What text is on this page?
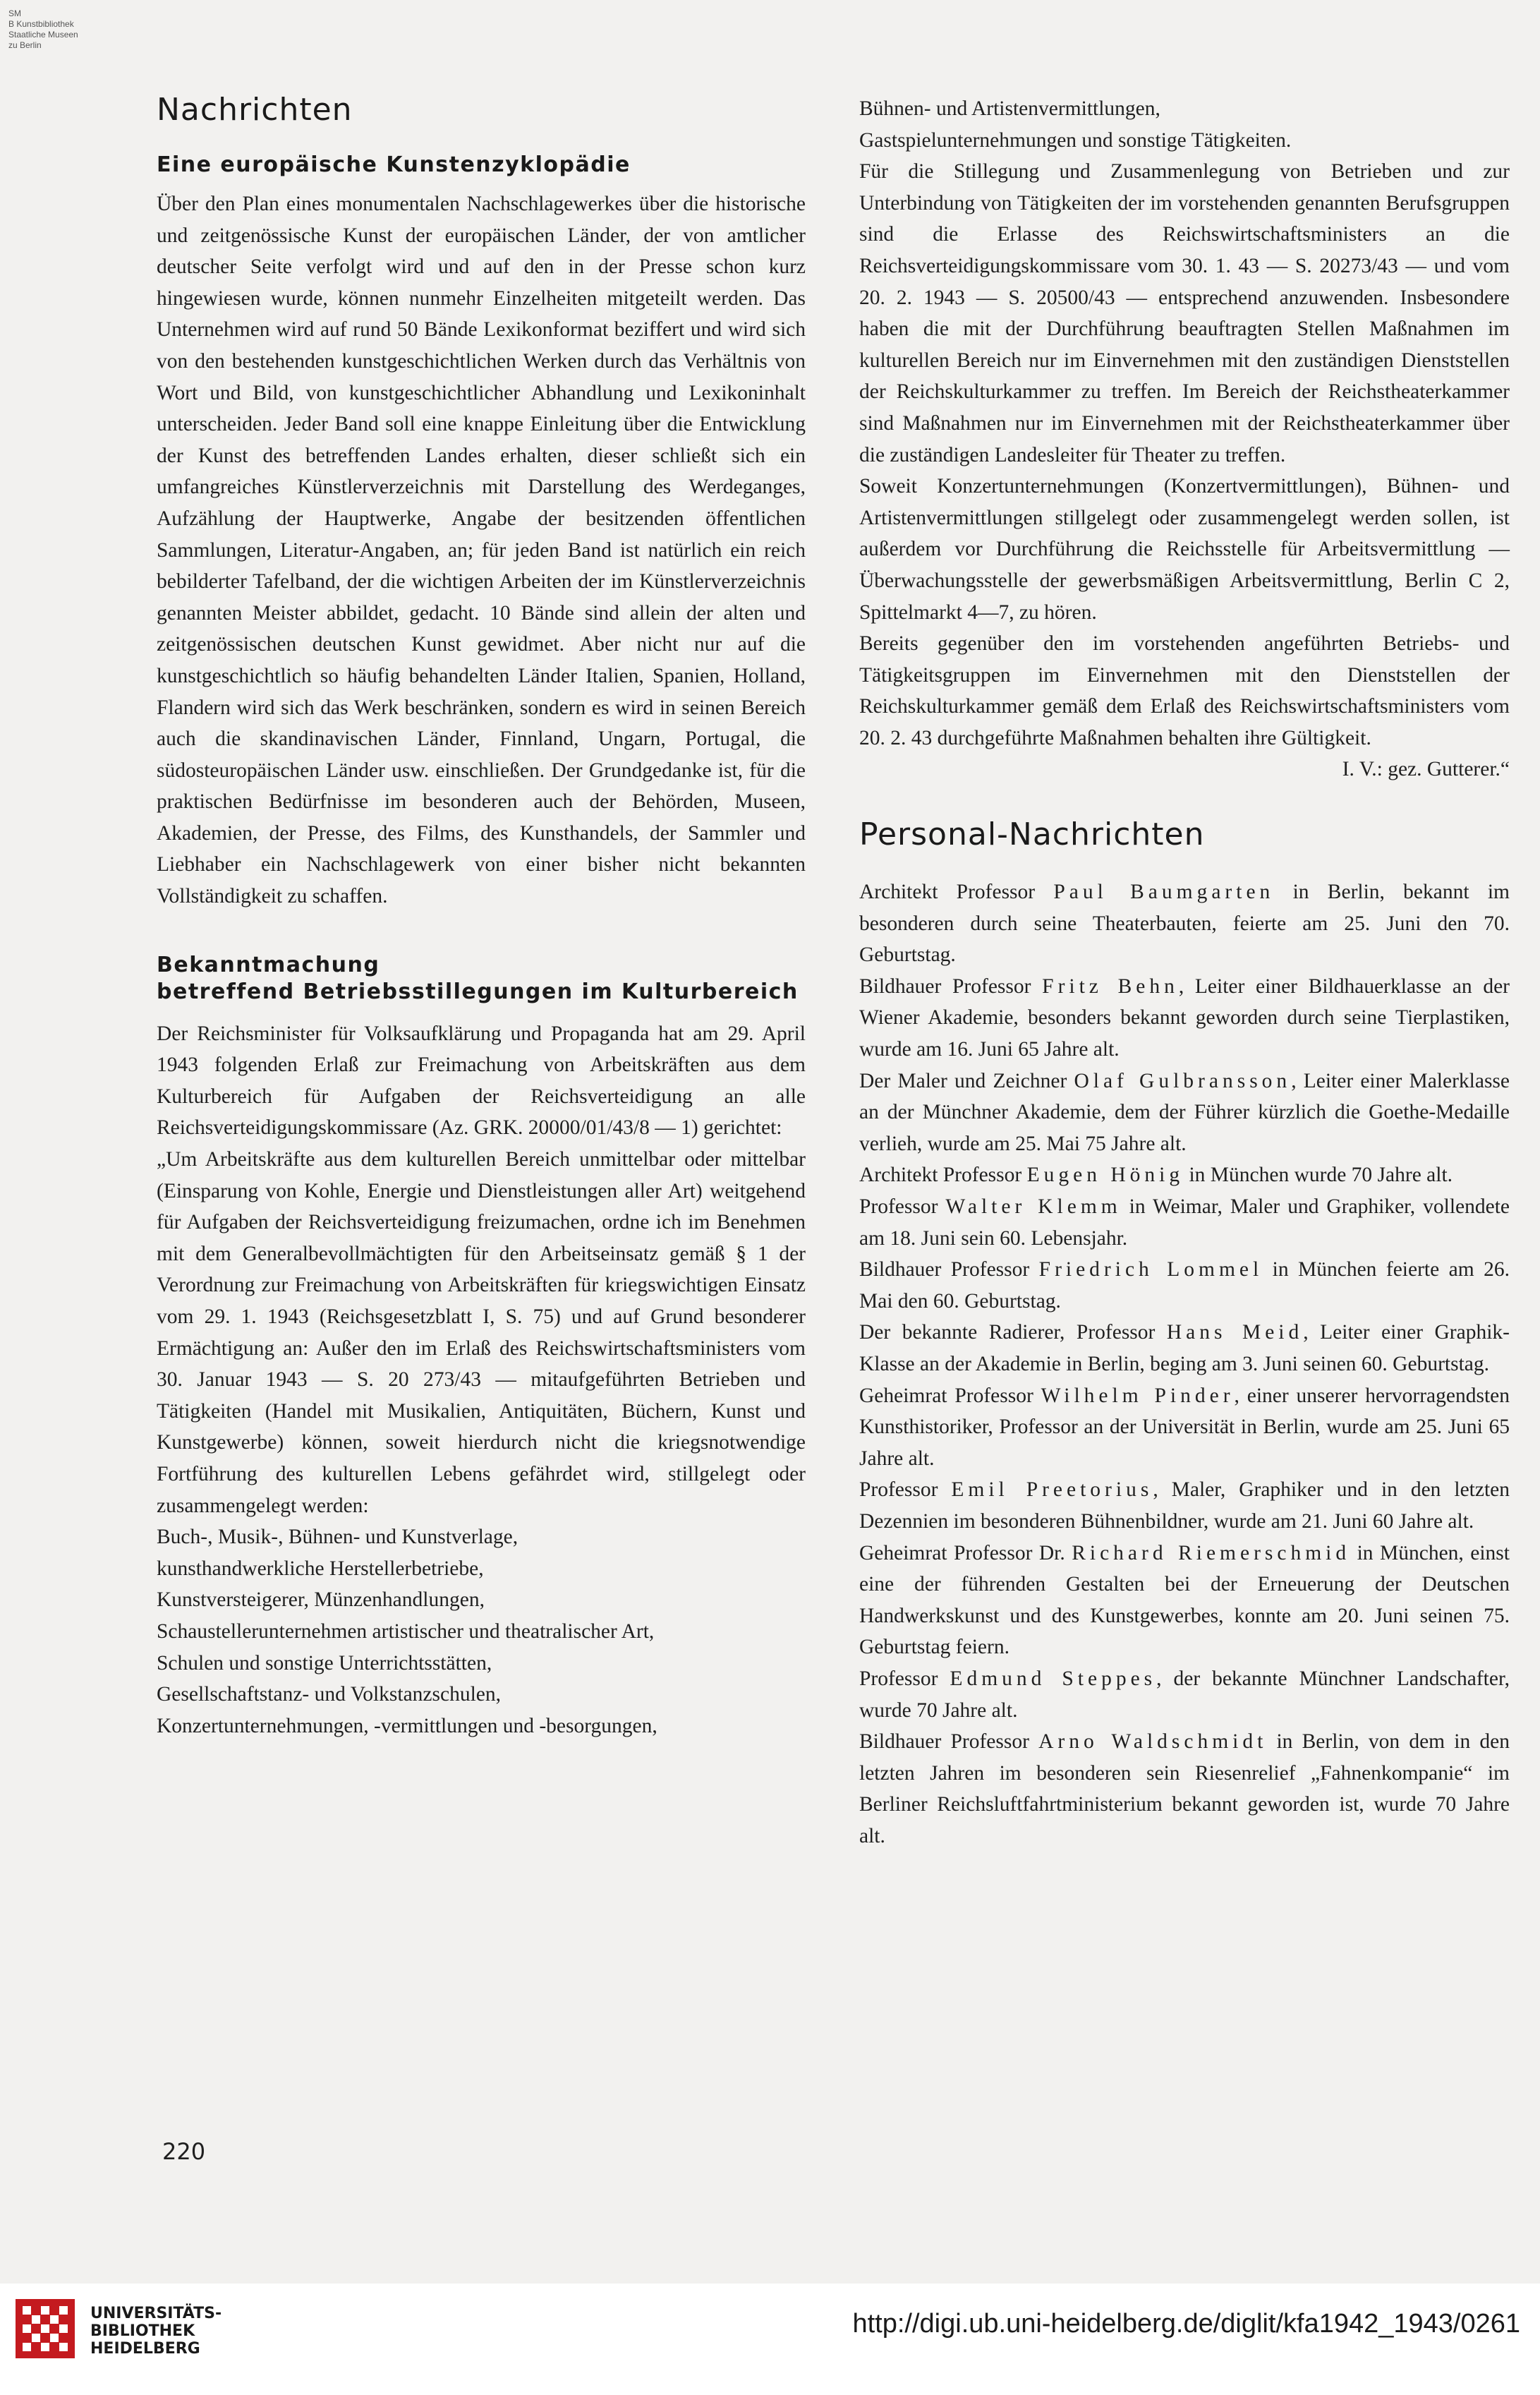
SM
B Kunstbibliothek
Staatliche Museen
zu Berlin
Nachrichten
Eine europäische Kunstenzyklopädie

Über den Plan eines monumentalen Nachschlagewerkes über die historische und zeitgenössische Kunst der europäischen Länder, der von amtlicher deutscher Seite verfolgt wird und auf den in der Presse schon kurz hingewiesen wurde, können nunmehr Einzelheiten mitgeteilt werden. Das Unternehmen wird auf rund 50 Bände Lexikonformat beziffert und wird sich von den bestehenden kunstgeschichtlichen Werken durch das Verhältnis von Wort und Bild, von kunstgeschichtlicher Abhandlung und Lexikoninhalt unterscheiden. Jeder Band soll eine knappe Einleitung über die Entwicklung der Kunst des betreffenden Landes erhalten, dieser schließt sich ein umfangreiches Künstlerverzeichnis mit Darstellung des Werdeganges, Aufzählung der Hauptwerke, Angabe der besitzenden öffentlichen Sammlungen, Literatur-Angaben, an; für jeden Band ist natürlich ein reich bebilderter Tafelband, der die wichtigen Arbeiten der im Künstlerverzeichnis genannten Meister abbildet, gedacht. 10 Bände sind allein der alten und zeitgenössischen deutschen Kunst gewidmet. Aber nicht nur auf die kunstgeschichtlich so häufig behandelten Länder Italien, Spanien, Holland, Flandern wird sich das Werk beschränken, sondern es wird in seinen Bereich auch die skandinavischen Länder, Finnland, Ungarn, Portugal, die südosteuropäischen Länder usw. einschließen. Der Grundgedanke ist, für die praktischen Bedürfnisse im besonderen auch der Behörden, Museen, Akademien, der Presse, des Films, des Kunsthandels, der Sammler und Liebhaber ein Nachschlagewerk von einer bisher nicht bekannten Vollständigkeit zu schaffen.

Bekanntmachung
betreffend Betriebsstillegungen im Kulturbereich

Der Reichsminister für Volksaufklärung und Propaganda hat am 29. April 1943 folgenden Erlaß zur Freimachung von Arbeitskräften aus dem Kulturbereich für Aufgaben der Reichsverteidigung an alle Reichsverteidigungskommissare (Az. GRK. 20000/01/43/8 — 1) gerichtet:

„Um Arbeitskräfte aus dem kulturellen Bereich unmittelbar oder mittelbar (Einsparung von Kohle, Energie und Dienstleistungen aller Art) weitgehend für Aufgaben der Reichsverteidigung freizumachen, ordne ich im Benehmen mit dem Generalbevollmächtigten für den Arbeitseinsatz gemäß § 1 der Verordnung zur Freimachung von Arbeitskräften für kriegswichtigen Einsatz vom 29. 1. 1943 (Reichsgesetzblatt I, S. 75) und auf Grund besonderer Ermächtigung an: Außer den im Erlaß des Reichswirtschaftsministers vom 30. Januar 1943 — S. 20 273/43 — mitaufgeführten Betrieben und Tätigkeiten (Handel mit Musikalien, Antiquitäten, Büchern, Kunst und Kunstgewerbe) können, soweit hierdurch nicht die kriegsnotwendige Fortführung des kulturellen Lebens gefährdet wird, stillgelegt oder zusammengelegt werden:

Buch-, Musik-, Bühnen- und Kunstverlage,
kunsthandwerkliche Herstellerbetriebe,
Kunstversteigerer, Münzenhandlungen,
Schaustellerunternehmen artistischer und theatralischer Art,
Schulen und sonstige Unterrichtsstätten,
Gesellschaftstanz- und Volkstanzschulen,
Konzertunternehmungen, -vermittlungen und -besorgungen,
Bühnen- und Artistenvermittlungen,
Gastspielunternehmungen und sonstige Tätigkeiten.

Für die Stillegung und Zusammenlegung von Betrieben und zur Unterbindung von Tätigkeiten der im vorstehenden genannten Berufsgruppen sind die Erlasse des Reichswirtschaftsministers an die Reichsverteidigungskommissare vom 30. 1. 43 — S. 20273/43 — und vom 20. 2. 1943 — S. 20500/43 — entsprechend anzuwenden. Insbesondere haben die mit der Durchführung beauftragten Stellen Maßnahmen im kulturellen Bereich nur im Einvernehmen mit den zuständigen Dienststellen der Reichskulturkammer zu treffen. Im Bereich der Reichstheaterkammer sind Maßnahmen nur im Einvernehmen mit der Reichstheaterkammer über die zuständigen Landesleiter für Theater zu treffen.

Soweit Konzertunternehmungen (Konzertvermittlungen), Bühnen- und Artistenvermittlungen stillgelegt oder zusammengelegt werden sollen, ist außerdem vor Durchführung die Reichsstelle für Arbeitsvermittlung — Überwachungsstelle der gewerbsmäßigen Arbeitsvermittlung, Berlin C 2, Spittelmarkt 4—7, zu hören.

Bereits gegenüber den im vorstehenden angeführten Betriebs- und Tätigkeitsgruppen im Einvernehmen mit den Dienststellen der Reichskulturkammer gemäß dem Erlaß des Reichswirtschaftsministers vom 20. 2. 43 durchgeführte Maßnahmen behalten ihre Gültigkeit.

I. V.: gez. Gutterer.“

Personal-Nachrichten

Architekt Professor Paul Baumgarten in Berlin, bekannt im besonderen durch seine Theaterbauten, feierte am 25. Juni den 70. Geburtstag.

Bildhauer Professor Fritz Behn, Leiter einer Bildhauerklasse an der Wiener Akademie, besonders bekannt geworden durch seine Tierplastiken, wurde am 16. Juni 65 Jahre alt.

Der Maler und Zeichner Olaf Gulbransson, Leiter einer Malerklasse an der Münchner Akademie, dem der Führer kürzlich die Goethe-Medaille verlieh, wurde am 25. Mai 75 Jahre alt.

Architekt Professor Eugen Hönig in München wurde 70 Jahre alt.

Professor Walter Klemm in Weimar, Maler und Graphiker, vollendete am 18. Juni sein 60. Lebensjahr.

Bildhauer Professor Friedrich Lommel in München feierte am 26. Mai den 60. Geburtstag.

Der bekannte Radierer, Professor Hans Meid, Leiter einer Graphik-Klasse an der Akademie in Berlin, beging am 3. Juni seinen 60. Geburtstag.

Geheimrat Professor Wilhelm Pinder, einer unserer hervorragendsten Kunsthistoriker, Professor an der Universität in Berlin, wurde am 25. Juni 65 Jahre alt.

Professor Emil Preetorius, Maler, Graphiker und in den letzten Dezennien im besonderen Bühnenbildner, wurde am 21. Juni 60 Jahre alt.

Geheimrat Professor Dr. Richard Riemerschmid in München, einst eine der führenden Gestalten bei der Erneuerung der Deutschen Handwerkskunst und des Kunstgewerbes, konnte am 20. Juni seinen 75. Geburtstag feiern.

Professor Edmund Steppes, der bekannte Münchner Landschafter, wurde 70 Jahre alt.

Bildhauer Professor Arno Waldschmidt in Berlin, von dem in den letzten Jahren im besonderen sein Riesenrelief „Fahnenkompanie“ im Berliner Reichsluftfahrtministerium bekannt geworden ist, wurde 70 Jahre alt.

220
UNIVERSITÄTS-
BIBLIOTHEK
HEIDELBERG
http://digi.ub.uni-heidelberg.de/diglit/kfa1942_1943/0261
